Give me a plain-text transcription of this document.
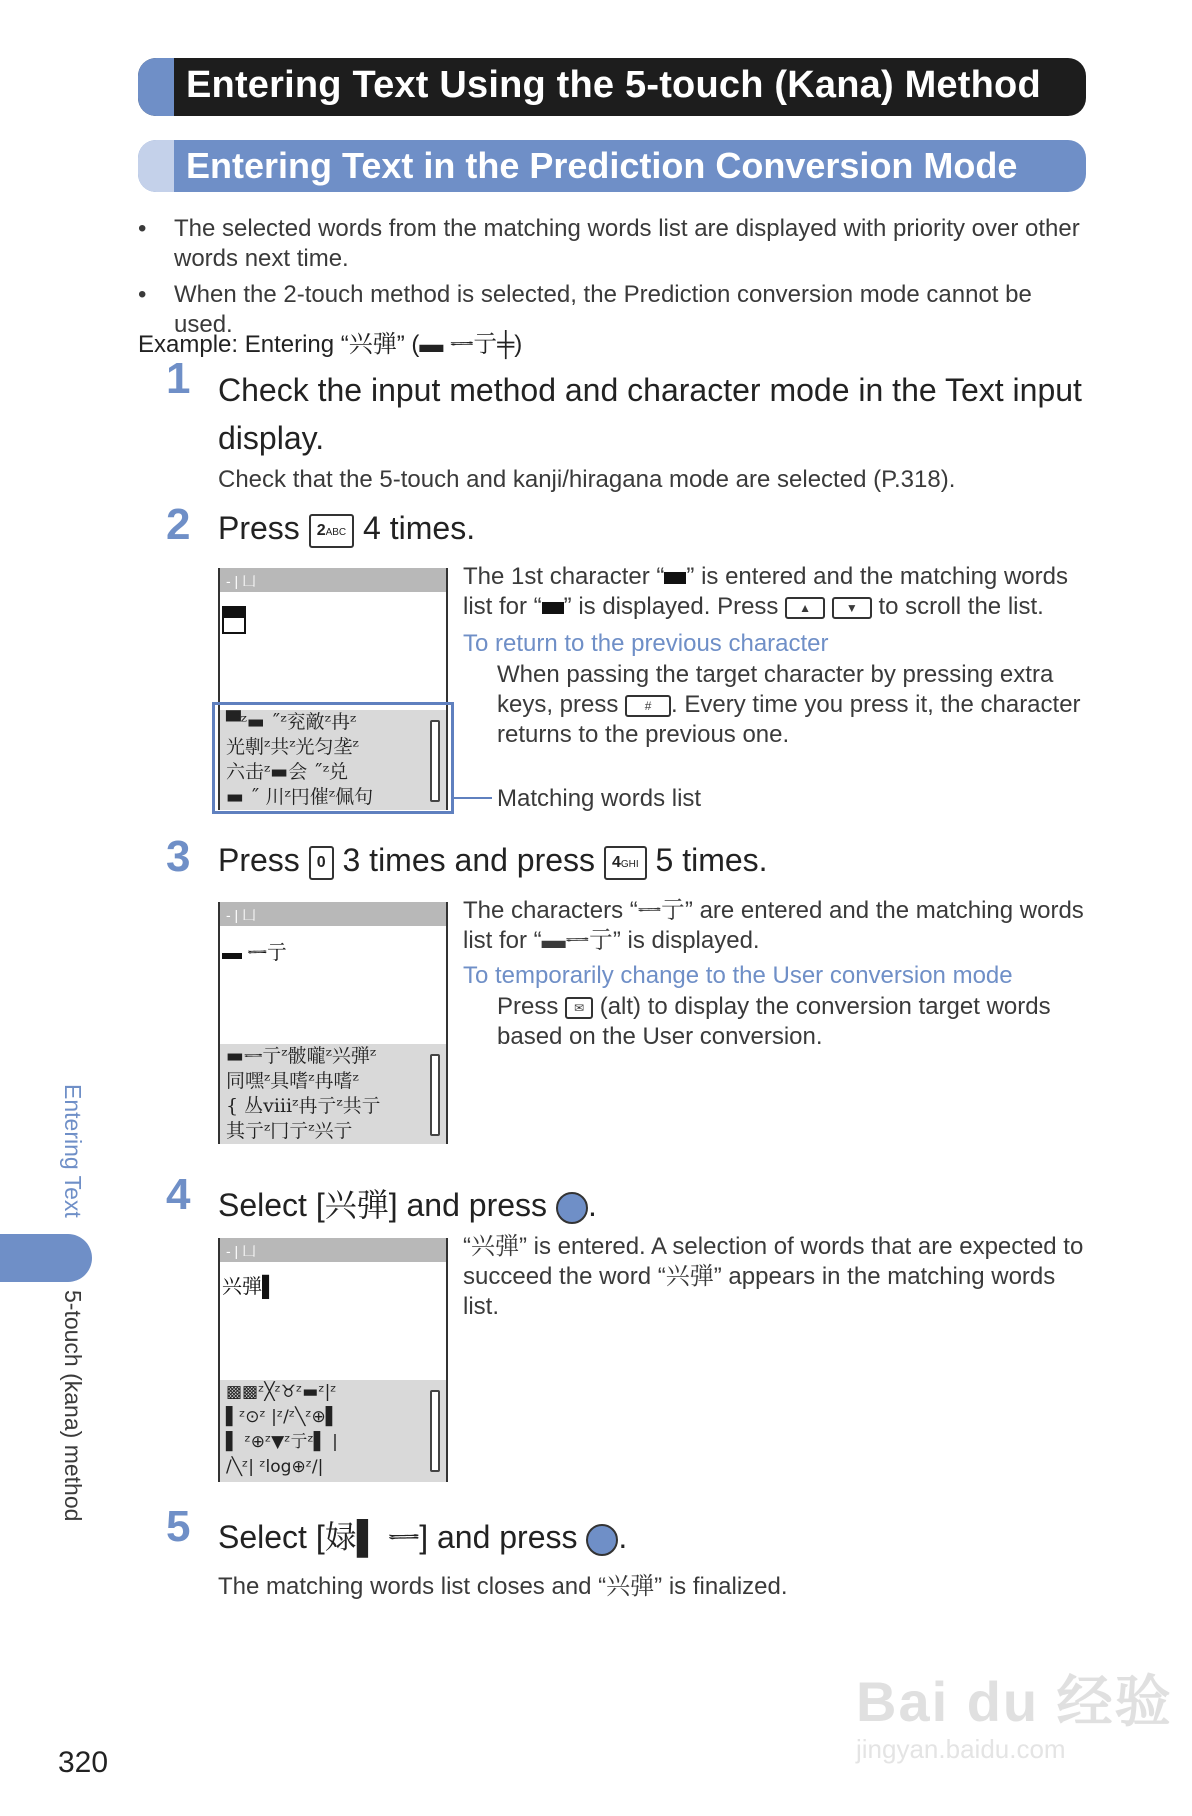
Entering Text Using the 5-touch (Kana) Method
Entering Text in the Prediction Conversion Mode
• The selected words from the matching words list are displayed with priority over other words next time.
• When the 2-touch method is selected, the Prediction conversion mode cannot be used.
Example: Entering “兴弾” (▬ ᆖ亍╪)
1 Check the input method and character mode in the Text input display.
Check that the 5-touch and kanji/hiragana mode are selected (P.318).
2 Press 2ABC 4 times.
- | 凵
▀ᶻ▬ ˝ᶻ兖敵ᶻ冉ᶻ
光剸ᶻ共ᶻ光匀垄ᶻ
六击ᶻ▬会 ˝ᶻ兑
▬ ˝ 川ᶻ円催ᶻ佩句
The 1st character “ ” is entered and the matching words list for “ ” is displayed. Press ▲	▼ to scroll the list.
To return to the previous character
When passing the target character by pressing extra keys, press # . Every time you press it, the character returns to the previous one.
Matching words list
3 Press 0 3 times and press 4GHI 5 times.
- | 凵
▬ ᆖ亍
▬ᆖ亍ᶻ骳嚨ᶻ兴弾ᶻ
同嘿ᶻ具嗜ᶻ冉嗜ᶻ
{ 丛ⅷᶻ冉亍ᶻ共亍
其亍ᶻ冂亍ᶻ兴亍
The characters “ᆖ亍” are entered and the matching words list for “▬ᆖ亍” is displayed.
To temporarily change to the User conversion mode
Press ✉ (alt) to display the conversion target words based on the User conversion.
4 Select [兴弾] and press .
- | 凵
兴弾▌
▩▩ᶻ╳ᶻ♉ᶻ▬ᶻ|ᶻ
▌ᶻ⊙ᶻ |ᶻ/ᶻ╲ᶻ⊕▌
▌ ᶻ⊕ᶻ▼ᶻ亍ᶻ▌ |
/╲ᶻ| ᶻlog⊕ᶻ/|
“兴弾” is entered. A selection of words that are expected to succeed the word “兴弾” appears in the matching words list.
5 Select [娽▌ ᆖ] and press .
The matching words list closes and “兴弾” is finalized.
Entering Text
5-touch (kana) method
320
Bai du 经验
jingyan.baidu.com
